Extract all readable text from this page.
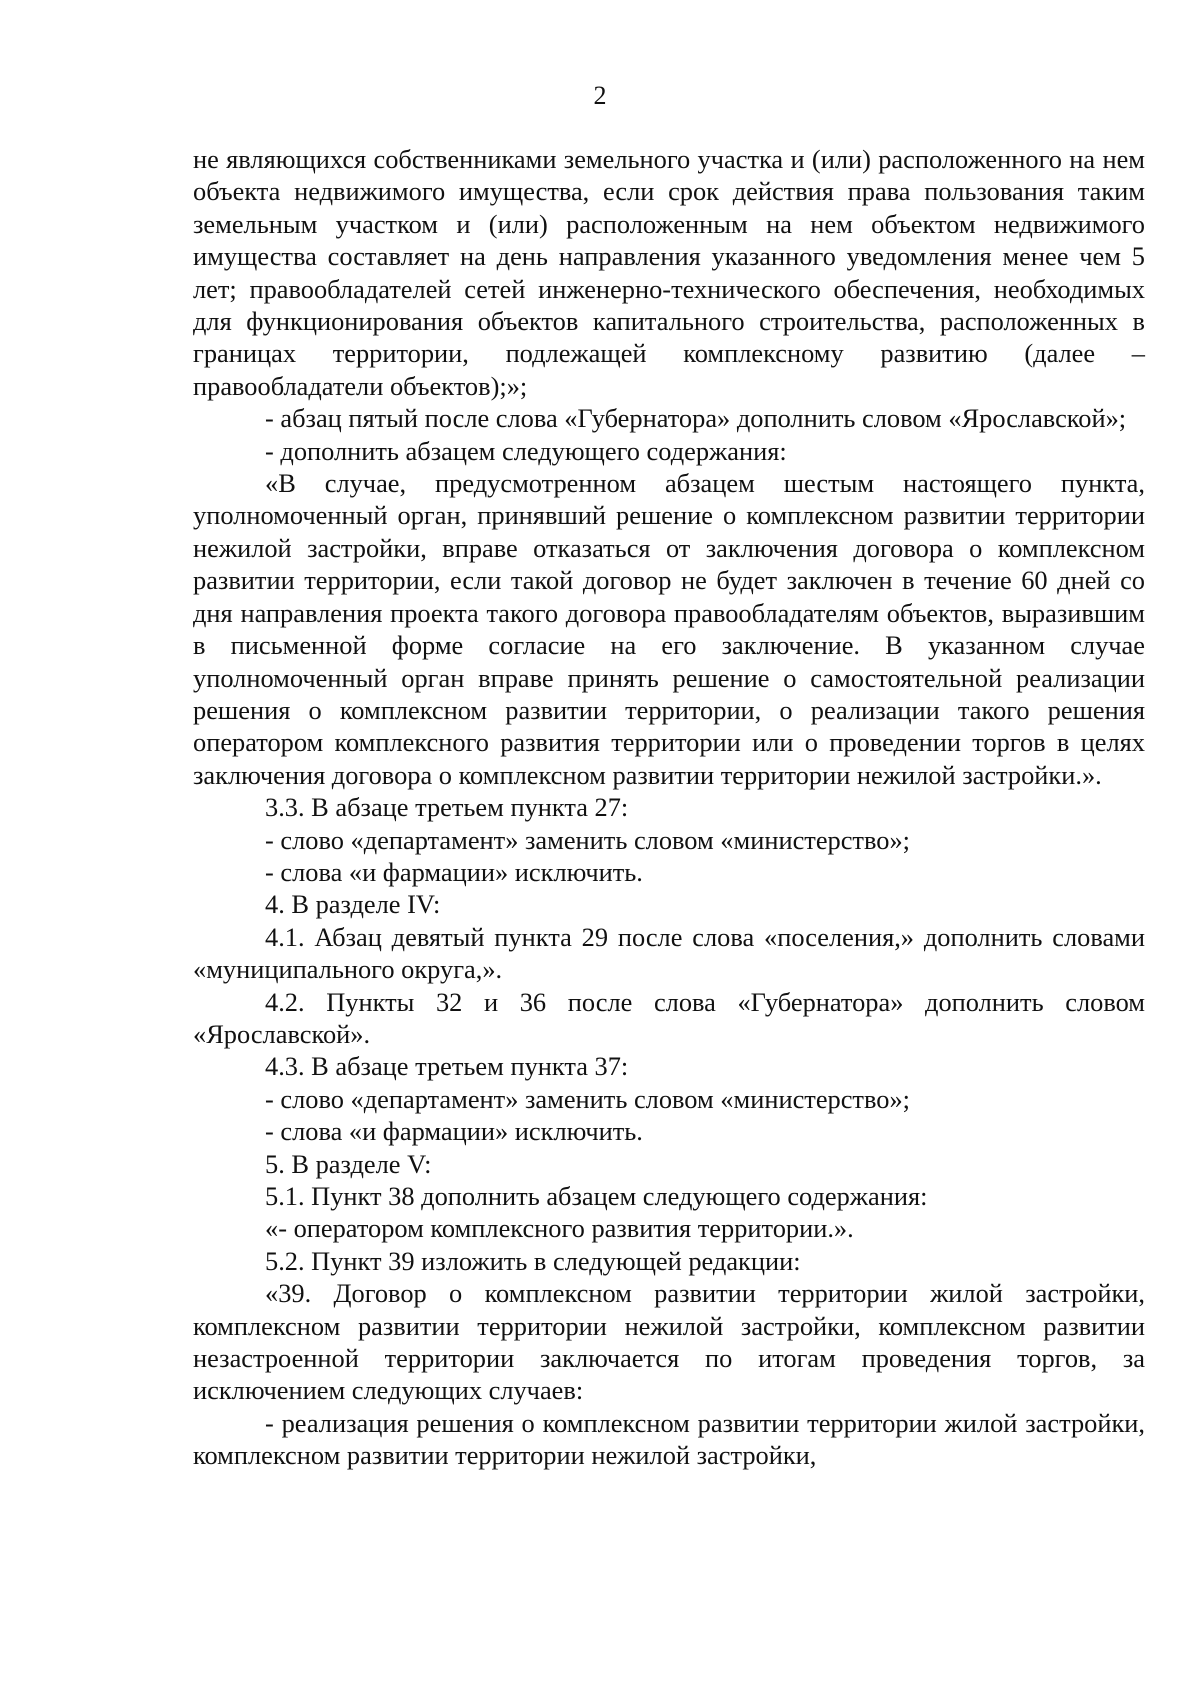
2

не являющихся собственниками земельного участка и (или) расположенного на нем объекта недвижимого имущества, если срок действия права пользования таким земельным участком и (или) расположенным на нем объектом недвижимого имущества составляет на день направления указанного уведомления менее чем 5 лет; правообладателей сетей инженерно-технического обеспечения, необходимых для функционирования объектов капитального строительства, расположенных в границах территории, подлежащей комплексному развитию (далее – правообладатели объектов);»;

- абзац пятый после слова «Губернатора» дополнить словом «Ярославской»;

- дополнить абзацем следующего содержания:

«В случае, предусмотренном абзацем шестым настоящего пункта, уполномоченный орган, принявший решение о комплексном развитии территории нежилой застройки, вправе отказаться от заключения договора о комплексном развитии территории, если такой договор не будет заключен в течение 60 дней со дня направления проекта такого договора правообладателям объектов, выразившим в письменной форме согласие на его заключение. В указанном случае уполномоченный орган вправе принять решение о самостоятельной реализации решения о комплексном развитии территории, о реализации такого решения оператором комплексного развития территории или о проведении торгов в целях заключения договора о комплексном развитии территории нежилой застройки.».

3.3. В абзаце третьем пункта 27:

- слово «департамент» заменить словом «министерство»;

- слова «и фармации» исключить.

4. В разделе IV:

4.1. Абзац девятый пункта 29 после слова «поселения,» дополнить словами «муниципального округа,».

4.2. Пункты 32 и 36 после слова «Губернатора» дополнить словом «Ярославской».

4.3. В абзаце третьем пункта 37:

- слово «департамент» заменить словом «министерство»;

- слова «и фармации» исключить.

5. В разделе V:

5.1. Пункт 38 дополнить абзацем следующего содержания:

«- оператором комплексного развития территории.».

5.2. Пункт 39 изложить в следующей редакции:

«39. Договор о комплексном развитии территории жилой застройки, комплексном развитии территории нежилой застройки, комплексном развитии незастроенной территории заключается по итогам проведения торгов, за исключением следующих случаев:

- реализация решения о комплексном развитии территории жилой застройки, комплексном развитии территории нежилой застройки,
